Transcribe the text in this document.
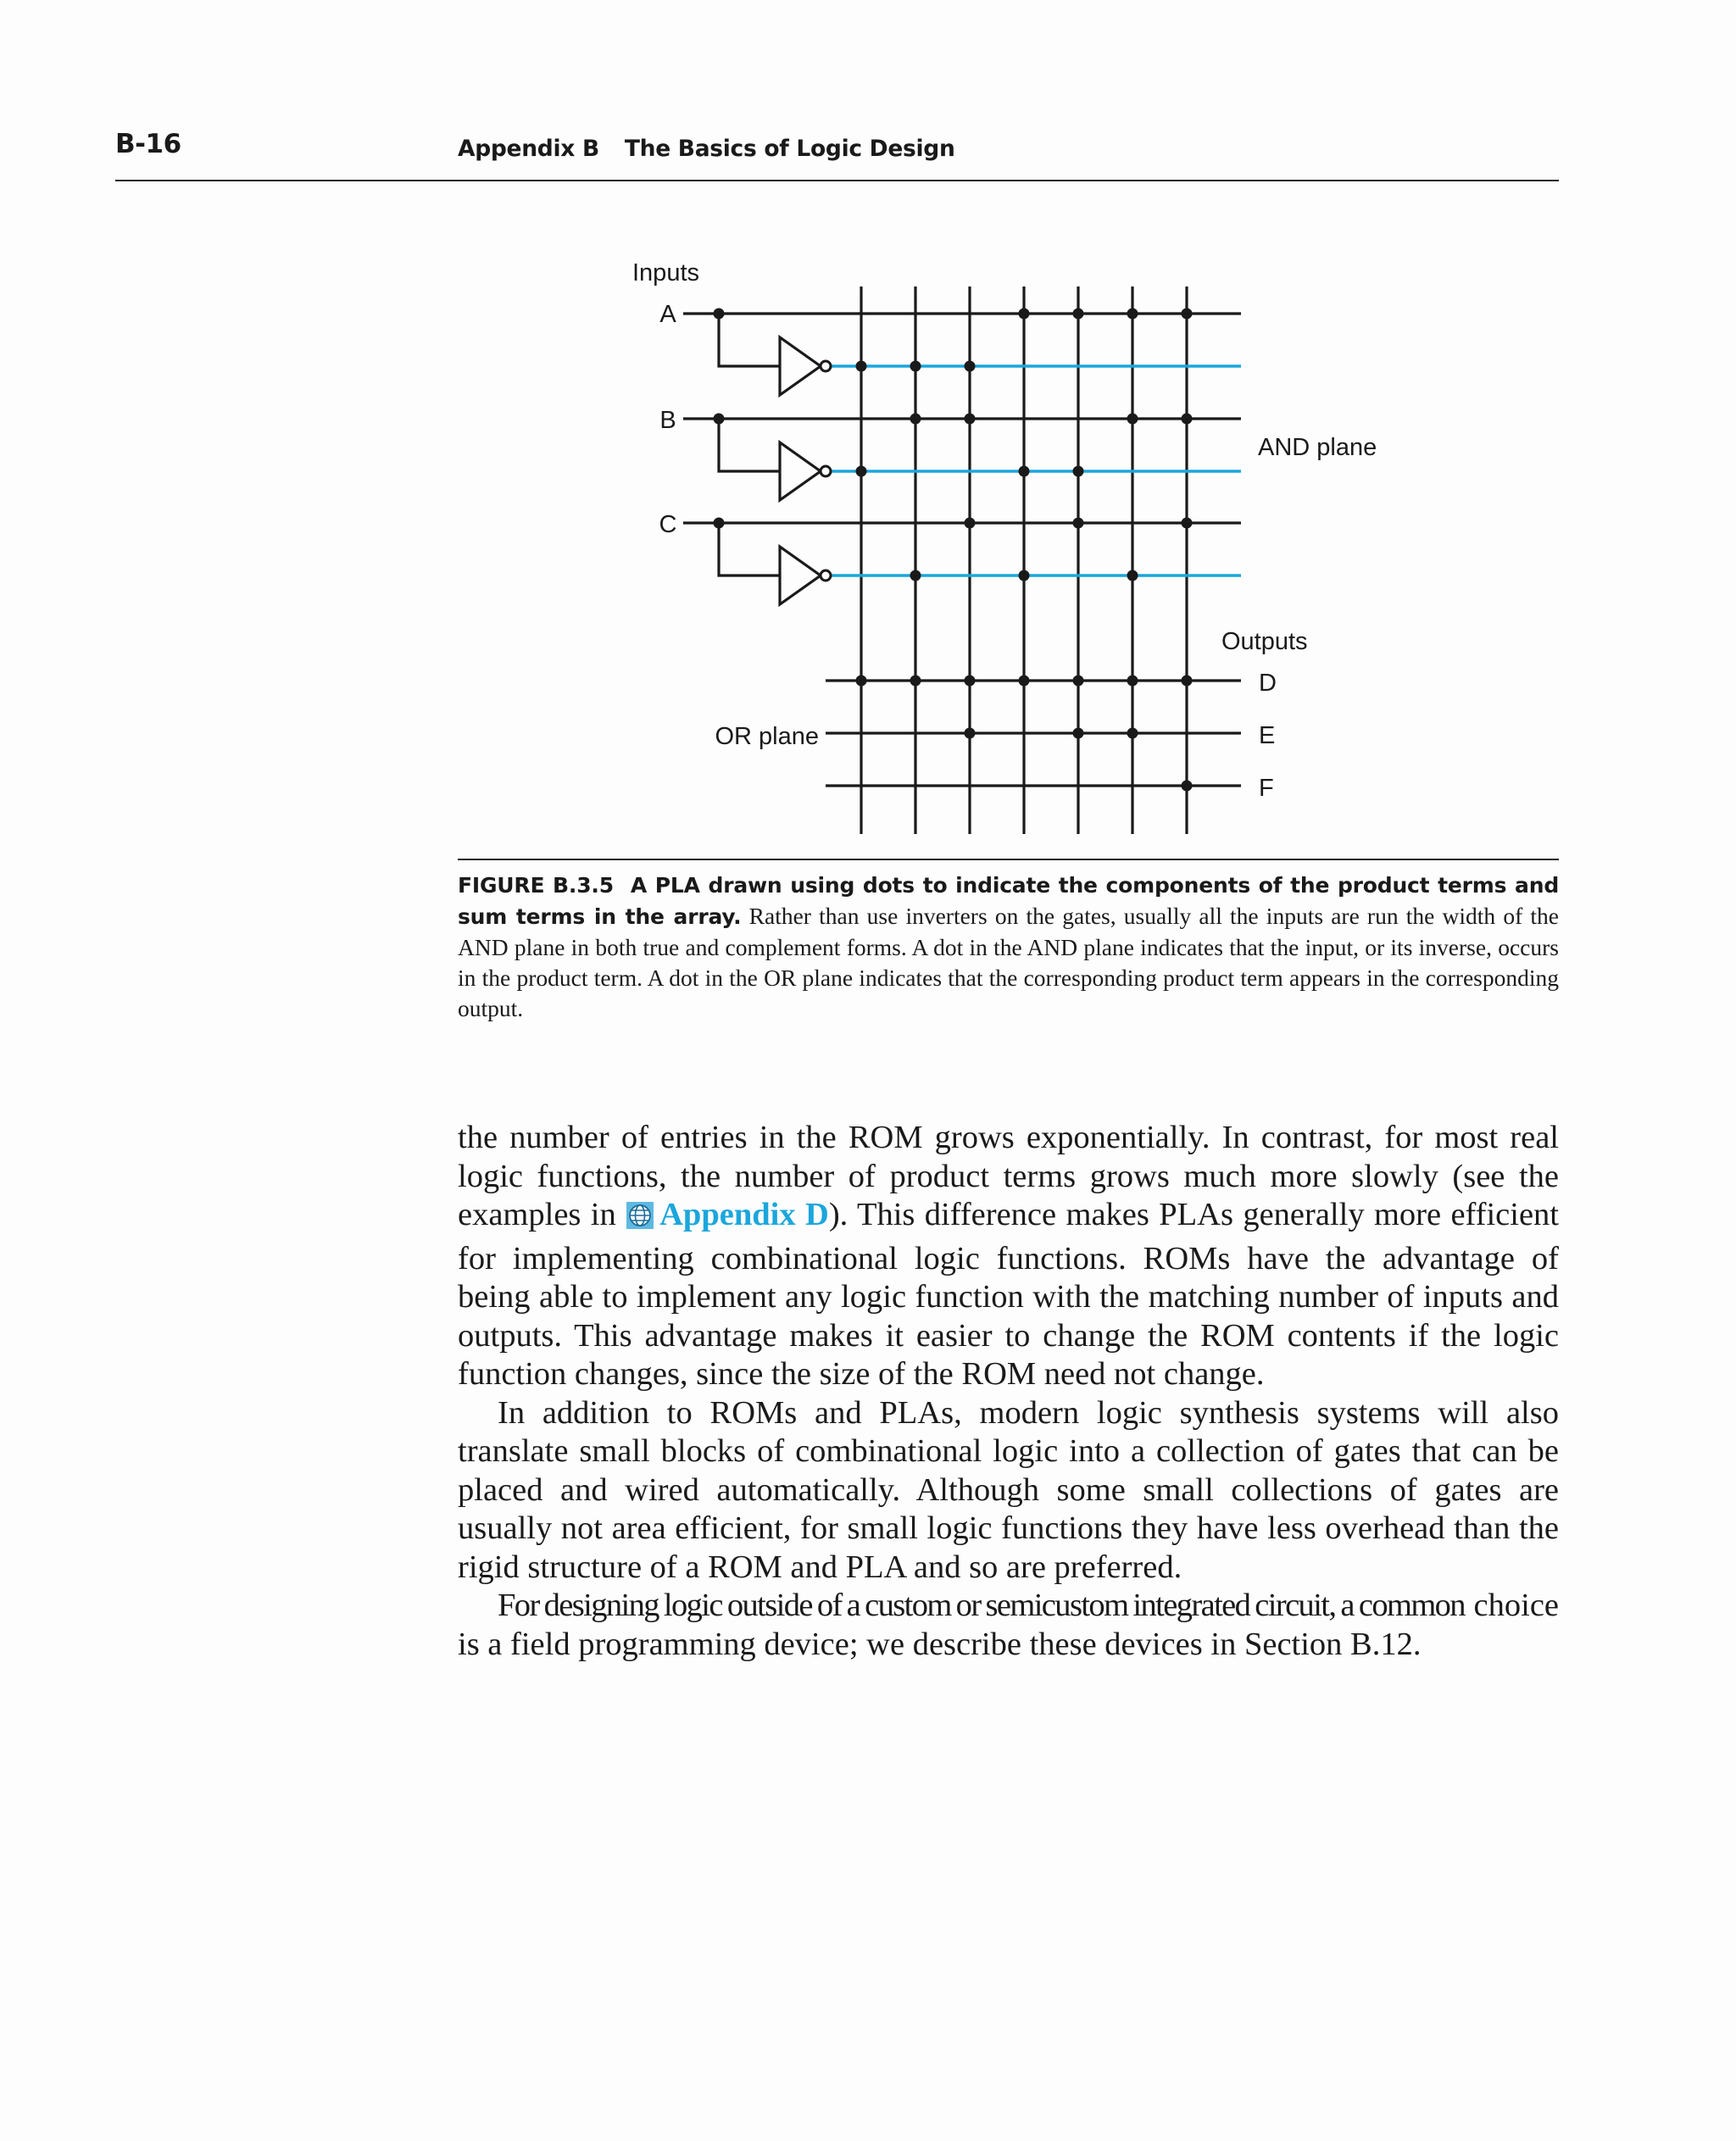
B-16	Appendix B The Basics of Logic Design
Inputs
A
B
C
AND plane
Outputs
D
E
F
OR plane
FIGURE B.3.5 A PLA drawn using dots to indicate the components of the product terms and sum terms in the array. Rather than use inverters on the gates, usually all the inputs are run the width of the AND plane in both true and complement forms. A dot in the AND plane indicates that the input, or its inverse, occurs in the product term. A dot in the OR plane indicates that the corresponding product term appears in the corresponding output.

the number of entries in the ROM grows exponentially. In contrast, for most real logic functions, the number of product terms grows much more slowly (see the examples in Appendix D). This difference makes PLAs generally more efficient for implementing combinational logic functions. ROMs have the advantage of being able to implement any logic function with the matching number of inputs and outputs. This advantage makes it easier to change the ROM contents if the logic function changes, since the size of the ROM need not change.

In addition to ROMs and PLAs, modern logic synthesis systems will also translate small blocks of combinational logic into a collection of gates that can be placed and wired automatically. Although some small collections of gates are usually not area efficient, for small logic functions they have less overhead than the rigid structure of a ROM and PLA and so are preferred.

For designing logic outside of a custom or semicustom integrated circuit, a common choice is a field programming device; we describe these devices in Section B.12.
